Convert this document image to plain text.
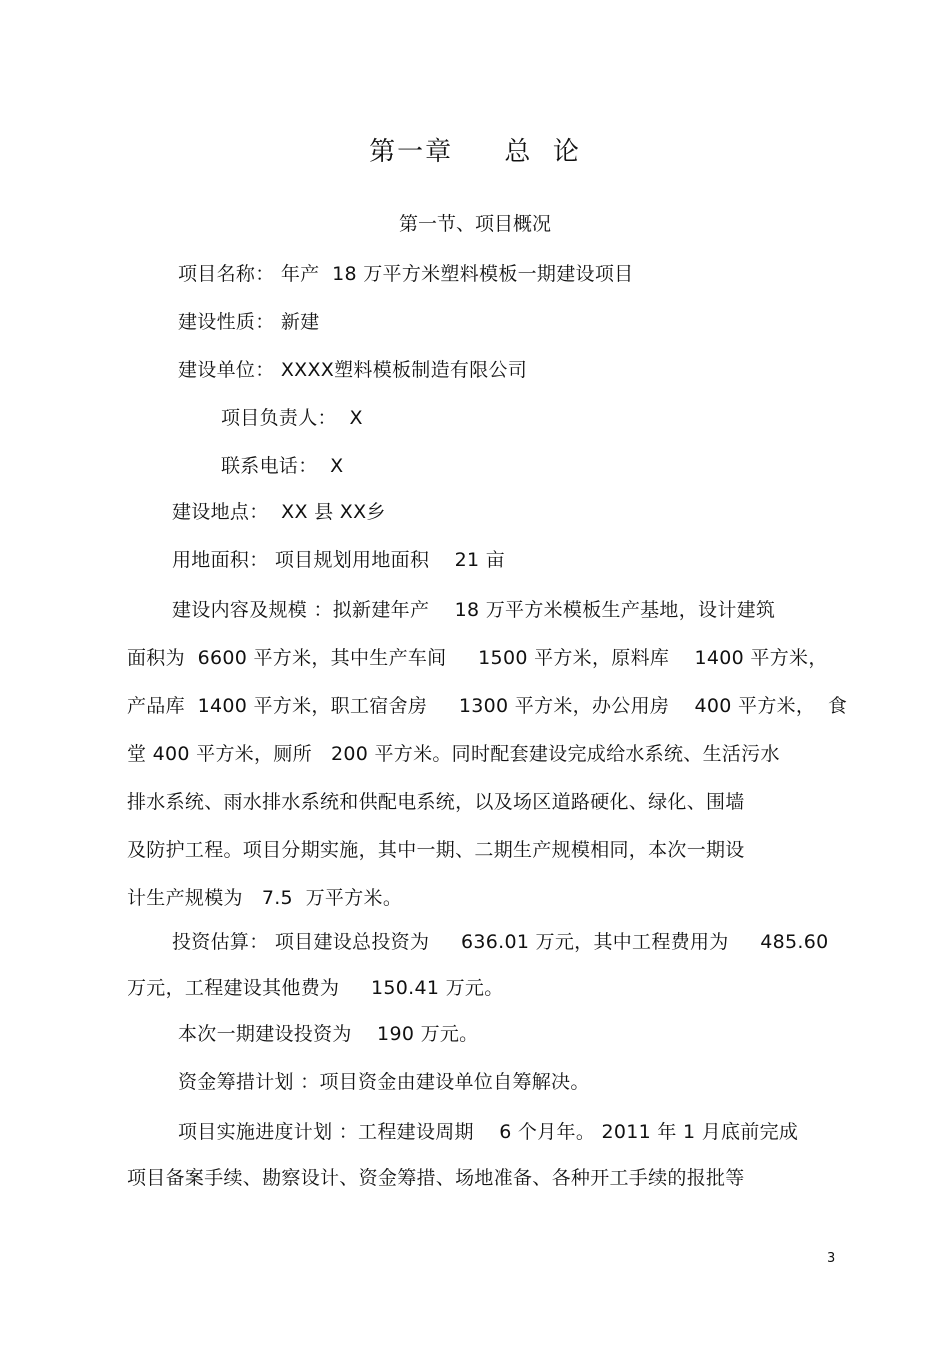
第一章     总  论
第一节、项目概况
项目名称： 年产  18 万平方米塑料模板一期建设项目
建设性质： 新建
建设单位： XXXX塑料模板制造有限公司
项目负责人：  X
联系电话：  X
建设地点：  XX 县 XX乡
用地面积： 项目规划用地面积    21 亩
建设内容及规模 ：拟新建年产    18 万平方米模板生产基地，设计建筑
面积为  6600 平方米，其中生产车间     1500 平方米，原料库    1400 平方米，
产品库  1400 平方米，职工宿舍房     1300 平方米，办公用房    400 平方米，  食
堂 400 平方米，厕所   200 平方米。同时配套建设完成给水系统、生活污水
排水系统、雨水排水系统和供配电系统，以及场区道路硬化、绿化、围墙
及防护工程。项目分期实施，其中一期、二期生产规模相同，本次一期设
计生产规模为   7.5  万平方米。
投资估算： 项目建设总投资为     636.01 万元，其中工程费用为     485.60
万元，工程建设其他费为     150.41 万元。
本次一期建设投资为    190 万元。
资金筹措计划 ：项目资金由建设单位自筹解决。
项目实施进度计划 ：工程建设周期    6 个月年。 2011 年 1 月底前完成
项目备案手续、勘察设计、资金筹措、场地准备、各种开工手续的报批等
3
